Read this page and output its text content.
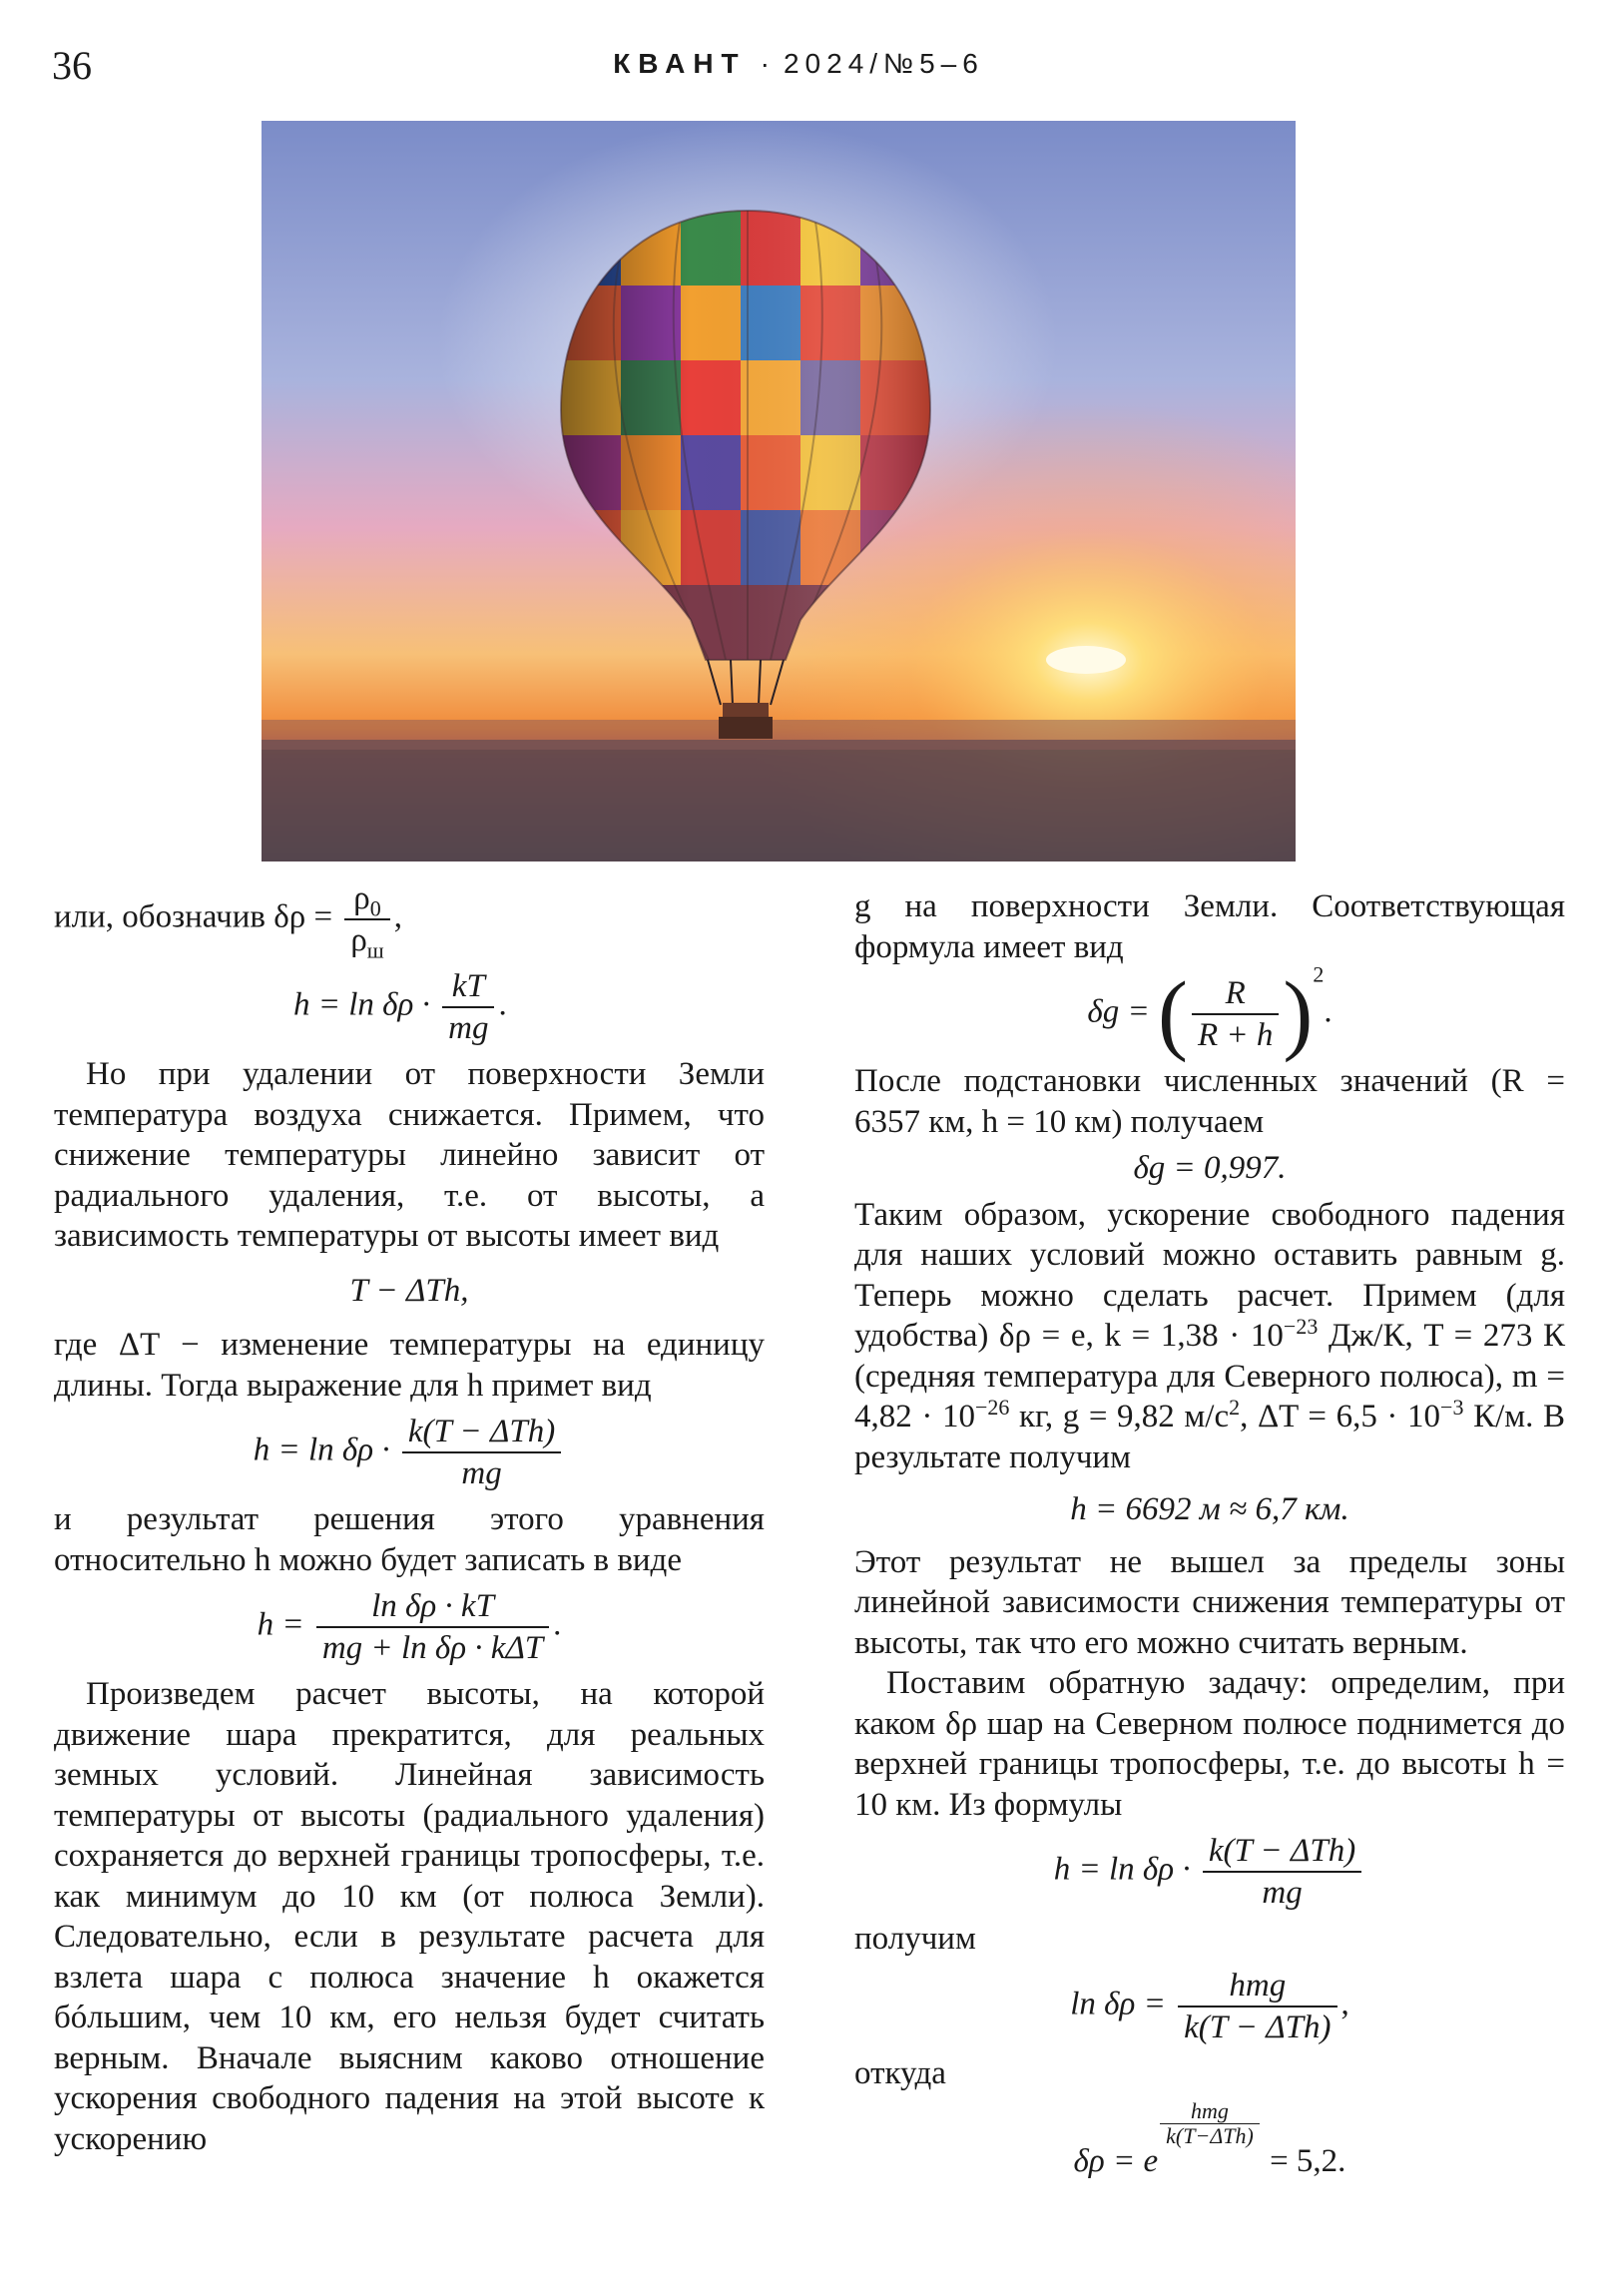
36	КВАНТ · 2024/№5–6
или, обозначив $\delta\rho = \frac{\rho_0}{\rho_ш}$ ,
$h = \ln \delta\rho \cdot \frac{kT}{mg}$ .

Но при удалении от поверхности Земли температура воздуха снижается. Примем, что снижение температуры линейно зависит от радиального удаления, т.е. от высоты, а зависимость температуры от высоты имеет вид

T − ΔTh,

где ΔT − изменение температуры на единицу длины. Тогда выражение для h примет вид

$h = \ln \delta\rho \cdot \frac{\text{k(T − ΔTh)}}{mg}$

и результат решения этого уравнения относительно h можно будет записать в виде

$h = \frac{\text{ln δρ · kT}}{\text{mg + ln δρ · kΔT}}$ .

Произведем расчет высоты, на которой движение шара прекратится, для реальных земных условий. Линейная зависимость температуры от высоты (радиального удаления) сохраняется до верхней границы тропосферы, т.е. как минимум до 10 км (от полюса Земли). Следовательно, если в результате расчета для взлета шара с полюса значение h окажется бóльшим, чем 10 км, его нельзя будет считать верным. Вначале выясним каково отношение ускорения свободного падения на этой высоте к ускорению

g на поверхности Земли. Соответствующая формула имеет вид

δg = ( $\frac{R}{R + h} )^2$.

После подстановки численных значений (R = 6357 км, h = 10 км) получаем

δg = 0,997.

Таким образом, ускорение свободного падения для наших условий можно оставить равным g. Теперь можно сделать расчет. Примем (для удобства) δρ = e, $k = 1,38 \cdot 10^{-23}$ Дж/К, T = 273 К (средняя температура для Северного полюса), $m = 4,82 \cdot 10^{-26}$ кг, g = 9,82 $м/с^2$, $\Delta T = 6,5 \cdot 10^{-3}$ К/м. В результате получим

h = 6692 м ≈ 6,7 км.

Этот результат не вышел за пределы зоны линейной зависимости снижения температуры от высоты, так что его можно считать верным.

Поставим обратную задачу: определим, при каком δρ шар на Северном полюсе поднимется до верхней границы тропосферы, т.е. до высоты h = 10 км. Из формулы

$h = \ln \delta\rho \cdot \frac{\text{k(T − ΔTh)}}{mg}$

получим

$\ln \delta\rho = \frac{\text{hmg}}{\text{k(T − ΔTh)}}$ ,

откуда

δρ = e
$\frac{\text{hmg}}{\text{k(T−ΔTh)}}$
= 5,2.
